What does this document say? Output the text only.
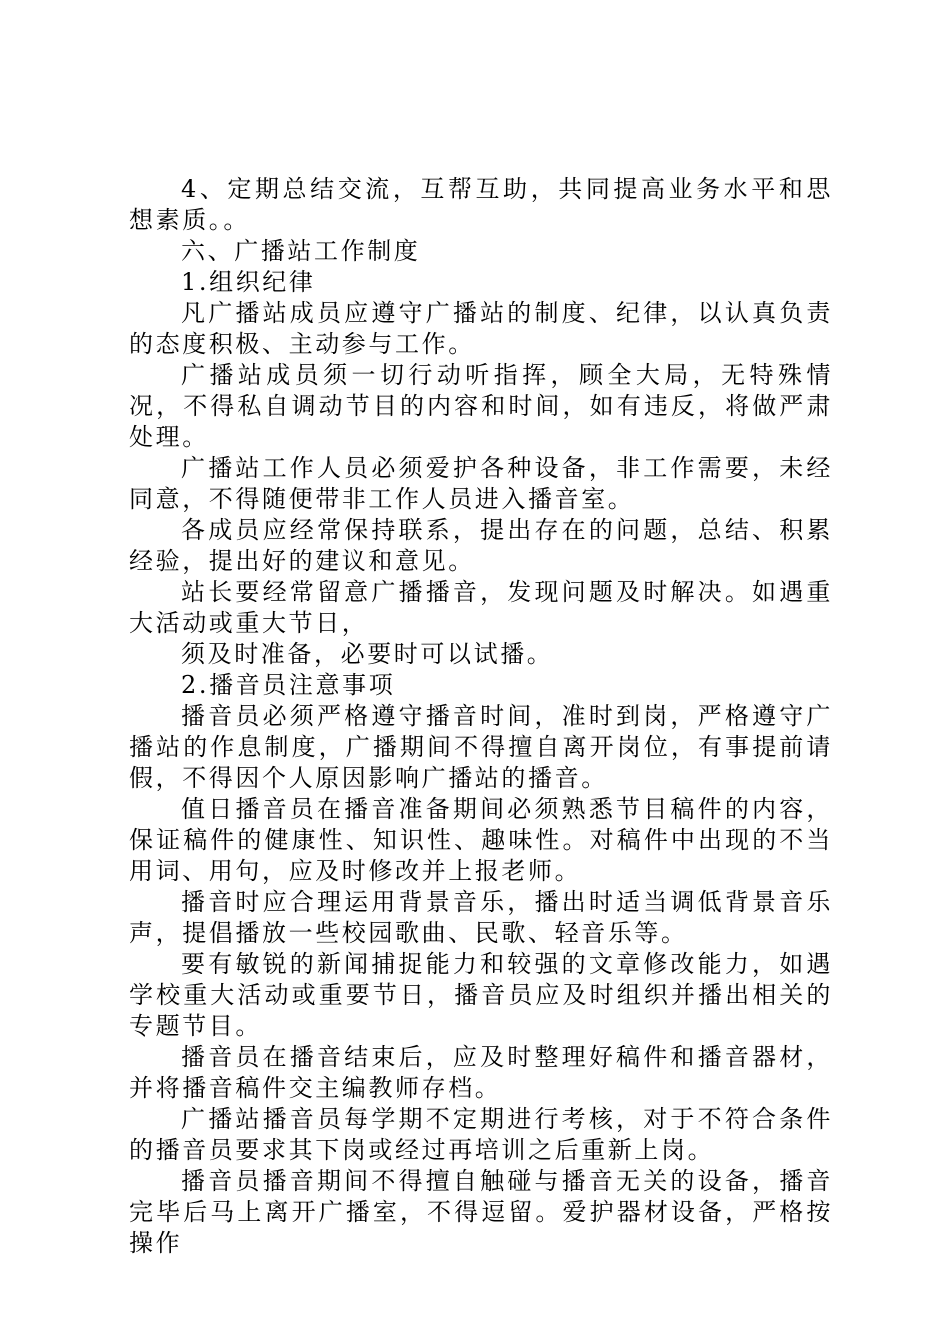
4、定期总结交流，互帮互助，共同提高业务水平和思想素质。。

六、广播站工作制度

1.组织纪律

凡广播站成员应遵守广播站的制度、纪律，以认真负责的态度积极、主动参与工作。

广播站成员须一切行动听指挥，顾全大局，无特殊情况，不得私自调动节目的内容和时间，如有违反，将做严肃处理。

广播站工作人员必须爱护各种设备，非工作需要，未经同意，不得随便带非工作人员进入播音室。

各成员应经常保持联系，提出存在的问题，总结、积累经验，提出好的建议和意见。

站长要经常留意广播播音，发现问题及时解决。如遇重大活动或重大节日，

须及时准备，必要时可以试播。

2.播音员注意事项

播音员必须严格遵守播音时间，准时到岗，严格遵守广播站的作息制度，广播期间不得擅自离开岗位，有事提前请假，不得因个人原因影响广播站的播音。

值日播音员在播音准备期间必须熟悉节目稿件的内容，保证稿件的健康性、知识性、趣味性。对稿件中出现的不当用词、用句，应及时修改并上报老师。

播音时应合理运用背景音乐，播出时适当调低背景音乐声，提倡播放一些校园歌曲、民歌、轻音乐等。

要有敏锐的新闻捕捉能力和较强的文章修改能力，如遇学校重大活动或重要节日，播音员应及时组织并播出相关的专题节目。

播音员在播音结束后，应及时整理好稿件和播音器材，并将播音稿件交主编教师存档。

广播站播音员每学期不定期进行考核，对于不符合条件的播音员要求其下岗或经过再培训之后重新上岗。

播音员播音期间不得擅自触碰与播音无关的设备，播音完毕后马上离开广播室，不得逗留。爱护器材设备，严格按操作
